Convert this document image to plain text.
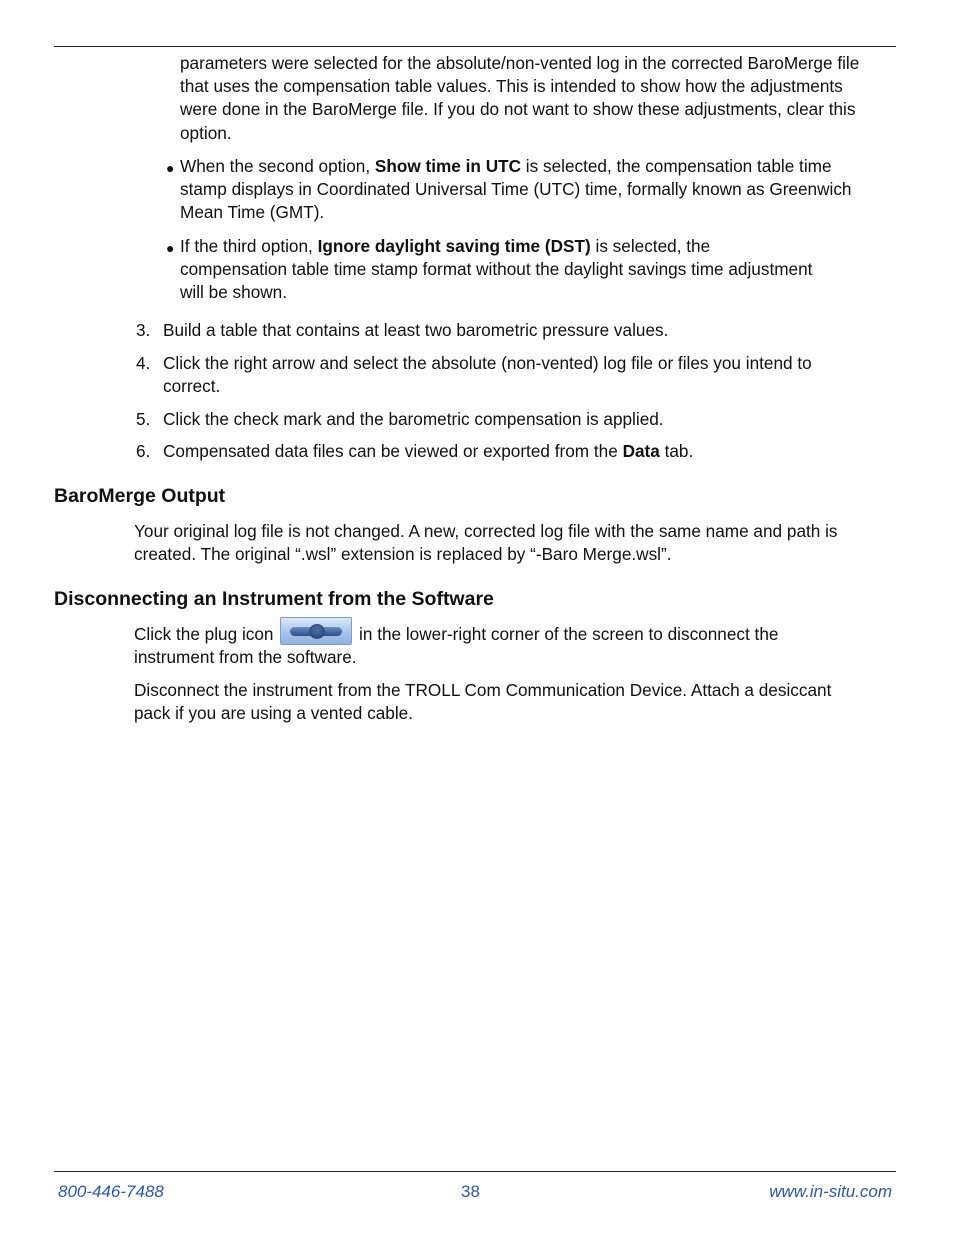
parameters were selected for the absolute/non-vented log in the corrected BaroMerge file that uses the compensation table values. This is intended to show how the adjustments were done in the BaroMerge file. If you do not want to show these adjustments, clear this option.

● When the second option, Show time in UTC is selected, the compensation table time stamp displays in Coordinated Universal Time (UTC) time, formally known as Greenwich Mean Time (GMT).

● If the third option, Ignore daylight saving time (DST) is selected, the compensation table time stamp format without the daylight savings time adjustment will be shown.

3. Build a table that contains at least two barometric pressure values.

4. Click the right arrow and select the absolute (non-vented) log file or files you intend to correct.

5. Click the check mark and the barometric compensation is applied.

6. Compensated data files can be viewed or exported from the Data tab.

BaroMerge Output

Your original log file is not changed. A new, corrected log file with the same name and path is created. The original “.wsl” extension is replaced by “-Baro Merge.wsl”.

Disconnecting an Instrument from the Software

Click the plug icon	in the lower-right corner of the screen to disconnect the instrument from the software.

Disconnect the instrument from the TROLL Com Communication Device. Attach a desiccant pack if you are using a vented cable.

800-446-7488	38	www.in-situ.com
